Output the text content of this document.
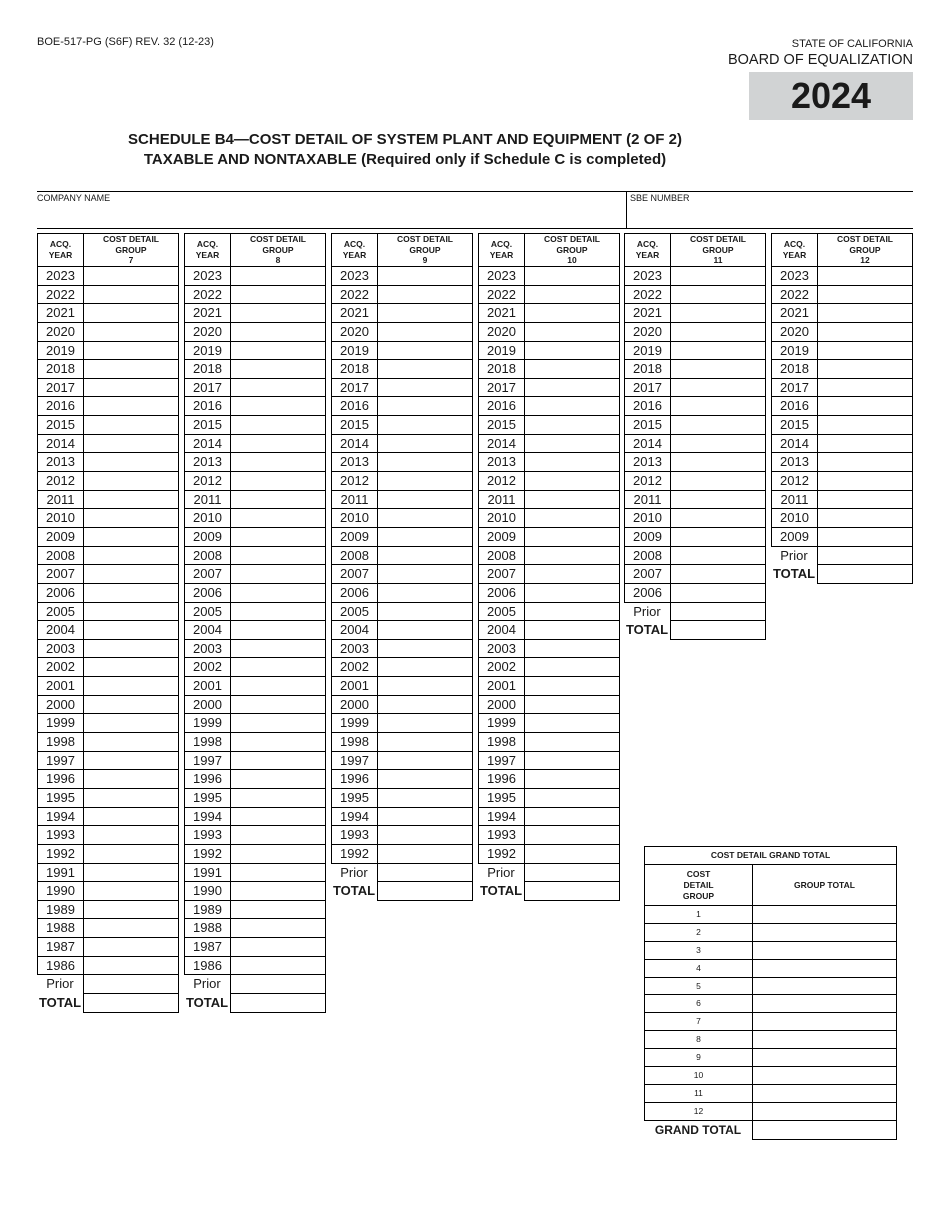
BOE-517-PG (S6F) REV. 32 (12-23)	STATE OF CALIFORNIA
BOARD OF EQUALIZATION
2024
SCHEDULE B4—COST DETAIL OF SYSTEM PLANT AND EQUIPMENT (2 OF 2)
TAXABLE AND NONTAXABLE (Required only if Schedule C is completed)
COMPANY NAME	SBE NUMBER
ACQ.
YEAR
COST DETAIL
GROUP
7
2023
2022
2021
2020
2019
2018
2017
2016
2015
2014
2013
2012
2011
2010
2009
2008
2007
2006
2005
2004
2003
2002
2001
2000
1999
1998
1997
1996
1995
1994
1993
1992
1991
1990
1989
1988
1987
1986
Prior
TOTAL
ACQ.
YEAR
COST DETAIL
GROUP
8
2023
2022
2021
2020
2019
2018
2017
2016
2015
2014
2013
2012
2011
2010
2009
2008
2007
2006
2005
2004
2003
2002
2001
2000
1999
1998
1997
1996
1995
1994
1993
1992
1991
1990
1989
1988
1987
1986
Prior
TOTAL
ACQ.
YEAR
COST DETAIL
GROUP
9
2023
2022
2021
2020
2019
2018
2017
2016
2015
2014
2013
2012
2011
2010
2009
2008
2007
2006
2005
2004
2003
2002
2001
2000
1999
1998
1997
1996
1995
1994
1993
1992
Prior
TOTAL
ACQ.
YEAR
COST DETAIL
GROUP
10
2023
2022
2021
2020
2019
2018
2017
2016
2015
2014
2013
2012
2011
2010
2009
2008
2007
2006
2005
2004
2003
2002
2001
2000
1999
1998
1997
1996
1995
1994
1993
1992
Prior
TOTAL
ACQ.
YEAR
COST DETAIL
GROUP
11
2023
2022
2021
2020
2019
2018
2017
2016
2015
2014
2013
2012
2011
2010
2009
2008
2007
2006
Prior
TOTAL
ACQ.
YEAR
COST DETAIL
GROUP
12
2023
2022
2021
2020
2019
2018
2017
2016
2015
2014
2013
2012
2011
2010
2009
Prior
TOTAL
COST DETAIL GRAND TOTAL
COST
DETAIL
GROUP
GROUP TOTAL
1
2
3
4
5
6
7
8
9
10
11
12
GRAND TOTAL
